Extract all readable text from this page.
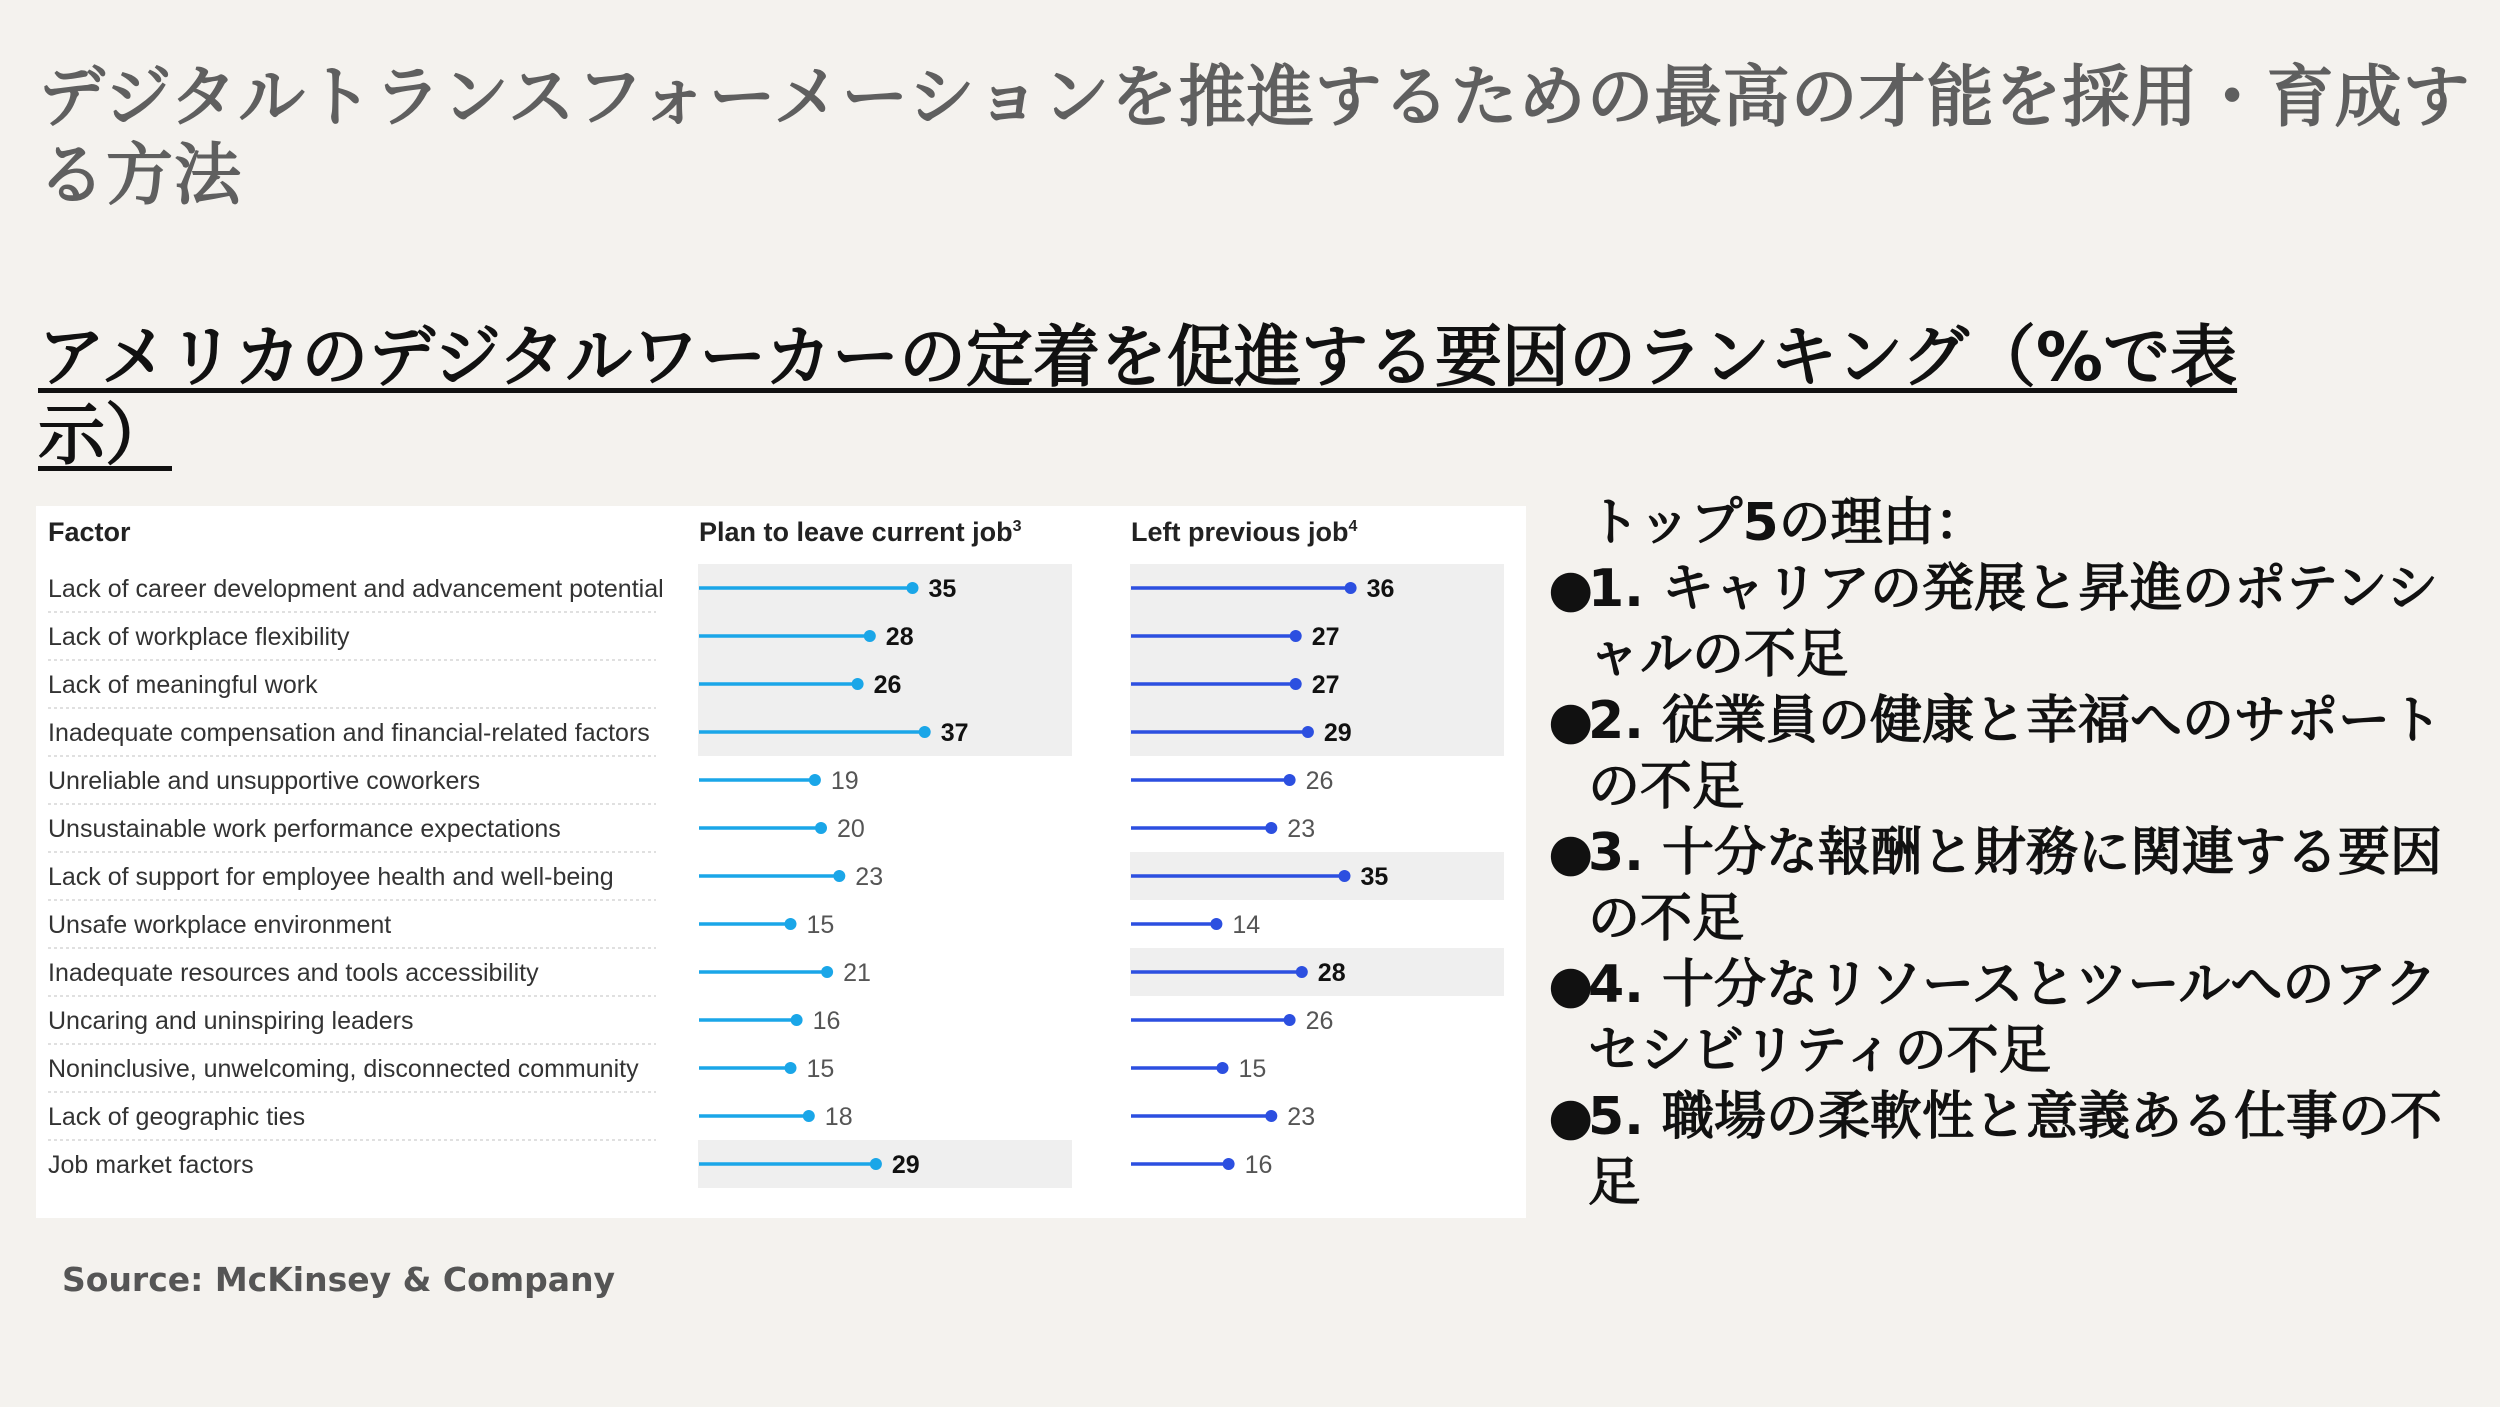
デジタルトランスフォーメーションを推進するための最高の才能を採用・育成する方法
アメリカのデジタルワーカーの定着を促進する要因のランキング（%で表示）
Factor	Plan to leave current job$^3$	Left previous job$^4$
Lack of career development and advancement potential	35	36
Lack of workplace flexibility	28	27
Lack of meaningful work	26	27
Inadequate compensation and financial-related factors	37	29
Unreliable and unsupportive coworkers	19	26
Unsustainable work performance expectations	20	23
Lack of support for employee health and well-being	23	35
Unsafe workplace environment	15	14
Inadequate resources and tools accessibility	21	28
Uncaring and uninspiring leaders	16	26
Noninclusive, unwelcoming, disconnected community	15	15
Lack of geographic ties	18	23
Job market factors	29	16
Source: McKinsey & Company
トップ5の理由：
●
1. キャリアの発展と昇進のポテンシャルの不足
●
2. 従業員の健康と幸福へのサポートの不足
●
3. 十分な報酬と財務に関連する要因の不足
●
4. 十分なリソースとツールへのアクセシビリティの不足
●
5. 職場の柔軟性と意義ある仕事の不足
